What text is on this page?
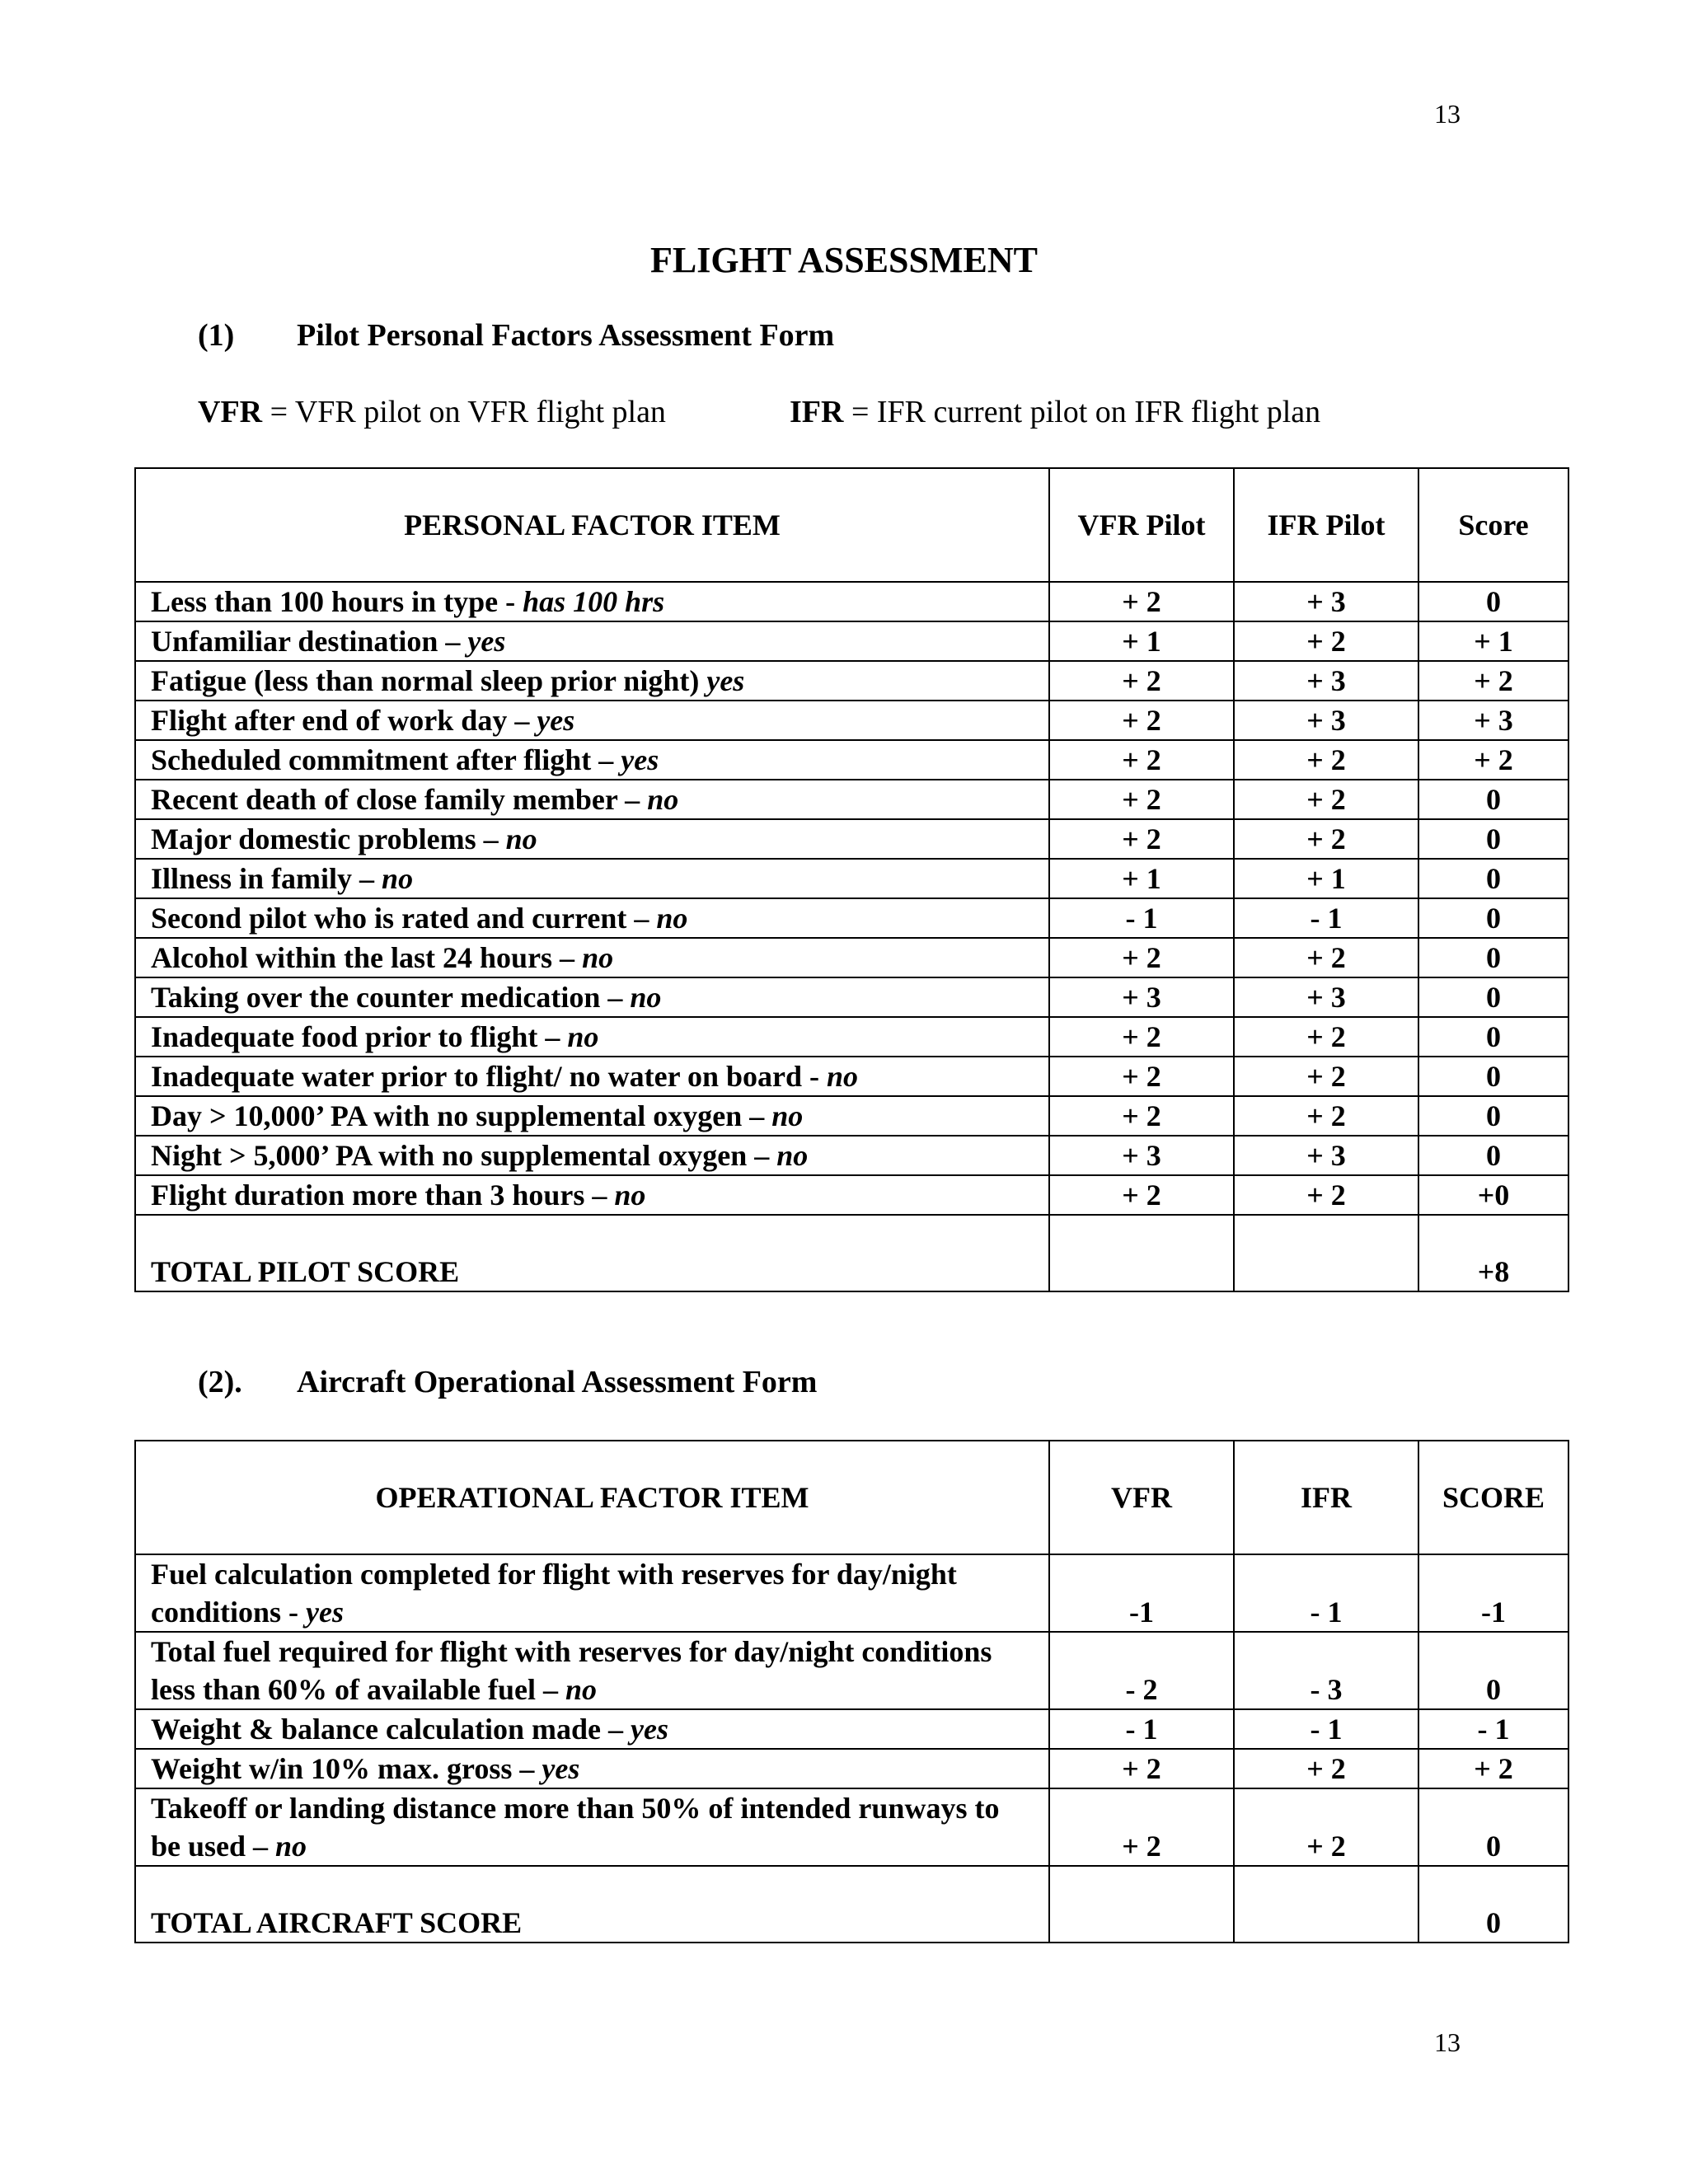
13
FLIGHT ASSESSMENT
(1) Pilot Personal Factors Assessment Form
VFR = VFR pilot on VFR flight plan	IFR = IFR current pilot on IFR flight plan
PERSONAL FACTOR ITEM	VFR Pilot	IFR Pilot	Score
Less than 100 hours in type - has 100 hrs	+ 2	+ 3	0
Unfamiliar destination – yes	+ 1	+ 2	+ 1
Fatigue (less than normal sleep prior night) yes	+ 2	+ 3	+ 2
Flight after end of work day – yes	+ 2	+ 3	+ 3
Scheduled commitment after flight – yes	+ 2	+ 2	+ 2
Recent death of close family member – no	+ 2	+ 2	0
Major domestic problems – no	+ 2	+ 2	0
Illness in family – no	+ 1	+ 1	0
Second pilot who is rated and current – no	- 1	- 1	0
Alcohol within the last 24 hours – no	+ 2	+ 2	0
Taking over the counter medication – no	+ 3	+ 3	0
Inadequate food prior to flight – no	+ 2	+ 2	0
Inadequate water prior to flight/ no water on board - no	+ 2	+ 2	0
Day > 10,000’ PA with no supplemental oxygen – no	+ 2	+ 2	0
Night > 5,000’ PA with no supplemental oxygen – no	+ 3	+ 3	0
Flight duration more than 3 hours – no	+ 2	+ 2	+0
TOTAL PILOT SCORE			+8
(2). Aircraft Operational Assessment Form
OPERATIONAL FACTOR ITEM	VFR	IFR	SCORE
Fuel calculation completed for flight with reserves for day/night conditions - yes	-1	- 1	-1
Total fuel required for flight with reserves for day/night conditions less than 60% of available fuel – no	- 2	- 3	0
Weight & balance calculation made – yes	- 1	- 1	- 1
Weight w/in 10% max. gross – yes	+ 2	+ 2	+ 2
Takeoff or landing distance more than 50% of intended runways to be used – no	+ 2	+ 2	0
TOTAL AIRCRAFT SCORE			0
13
